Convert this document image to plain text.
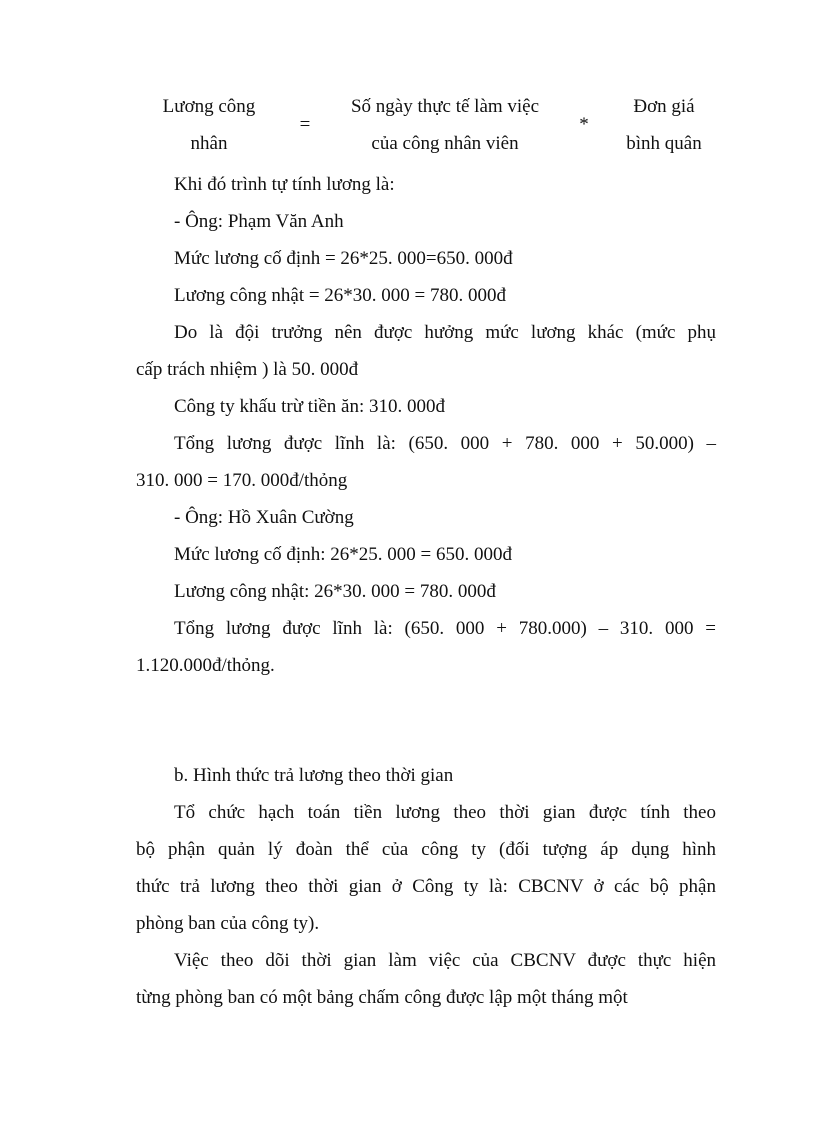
Lương công
nhân
=
Số ngày thực tế làm việc
của công nhân viên
*
Đơn giá
bình quân

Khi đó trình tự tính lương là:

- Ông: Phạm Văn Anh

Mức lương cố định = 26*25. 000=650. 000đ

Lương công nhật = 26*30. 000 = 780. 000đ

Do là đội trưởng nên được hưởng mức lương khác (mức phụ
cấp trách nhiệm ) là 50. 000đ

Công ty khấu trừ tiền ăn: 310. 000đ

Tổng lương được lĩnh là: (650. 000 + 780. 000 + 50.000) –
310. 000 = 170. 000đ/thỏng

- Ông: Hồ Xuân Cường

Mức lương cố định: 26*25. 000 = 650. 000đ

Lương công nhật: 26*30. 000 = 780. 000đ

Tổng lương được lĩnh là: (650. 000 + 780.000) – 310. 000 =
1.120.000đ/thỏng.

b. Hình thức trả lương theo thời gian

Tổ chức hạch toán tiền lương theo thời gian được tính theo
bộ phận quản lý đoàn thể của công ty (đối tượng áp dụng hình
thức trả lương theo thời gian ở Công ty là: CBCNV ở các bộ phận
phòng ban của công ty).
Việc theo dõi thời gian làm việc của CBCNV được thực hiện
từng phòng ban có một bảng chấm công được lập một tháng một
